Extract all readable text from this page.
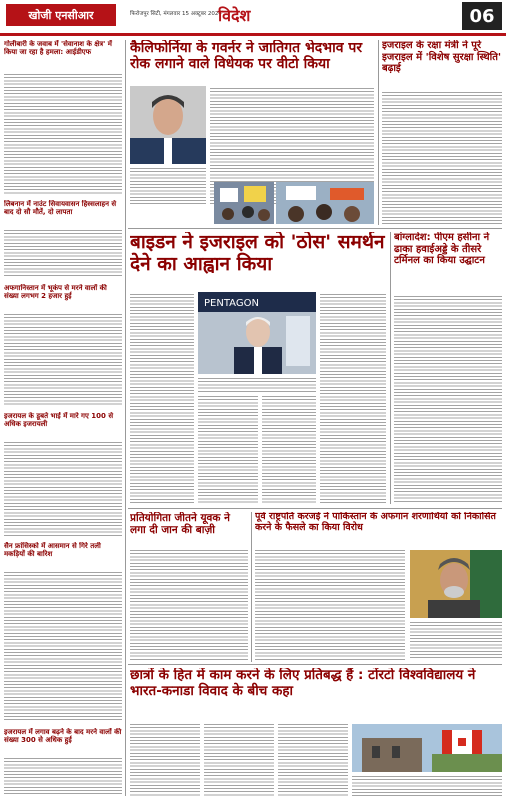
खोजी एनसीआर	फिरोजपुर सिटी, मंगलवार 15 अक्टूबर 2024
विदेश	06
गोलीबारी के जवाब में 'सेवानाश के क्षेत्र' में किया जा रहा है हमला: आईडीएफ
लिबनान में नाउंट सिवायवासन हिस्सलाहन से बाद दो सौ मौतें, दो लापता
अफगानिस्तान में भूकंप से मरने वालों की संख्या लगभग 2 हजार हुई
इजरायल के डूबते भाई में मारे गए 100 से अधिक इजरायली
सैन फ्रांसिस्को में आसमान से गिरे तली मकड़ियों की बारिश
इजरायल में लगाव बढ़ने के बाद मरने वालों की संख्या 300 से अधिक हुई
कैलिफोर्निया के गवर्नर ने जातिगत भेदभाव पर रोक लगाने वाले विधेयक पर वीटो किया
इजराइल के रक्षा मंत्री ने पूरे इजराइल में 'विशेष सुरक्षा स्थिति' बढ़ाई
बाइडन ने इजराइल को 'ठोस' समर्थन देने का आह्वान किया
PENTAGON
बांग्लादेश: पीएम हसीना ने ढाका हवाईअड्डे के तीसरे टर्मिनल का किया उद्घाटन
प्रतियोगिता जीतने यूवक ने लगा दी जान की बाज़ी
पूर्व राष्ट्रपति करजई ने पाकिस्तान के अफगान शरणार्थियों को निकासित करने के फैसले का किया विरोध
छात्रों के हित में काम करने के लिए प्रतिबद्ध हैं : टोंरटो विश्वविद्यालय ने भारत-कनाडा विवाद के बीच कहा
